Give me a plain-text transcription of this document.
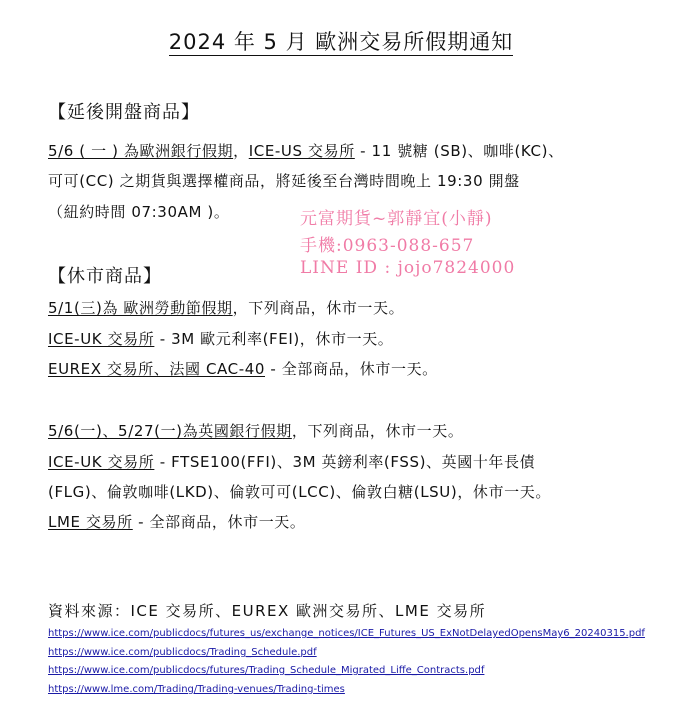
2024 年 5 月 歐洲交易所假期通知
【延後開盤商品】
5/6 ( 一 ) 為歐洲銀行假期，ICE-US 交易所 - 11 號糖 (SB)、咖啡(KC)、
可可(CC) 之期貨與選擇權商品，將延後至台灣時間晚上 19:30 開盤
（紐約時間 07:30AM )。	元富期貨~郭靜宜(小靜)
手機:0963-088-657
LINE ID : jojo7824000
【休市商品】
5/1(三)為 歐洲勞動節假期，下列商品，休市一天。
ICE-UK 交易所 - 3M 歐元利率(FEI)，休市一天。
EUREX 交易所、法國 CAC-40 - 全部商品，休市一天。
5/6(一)、5/27(一)為英國銀行假期，下列商品，休市一天。
ICE-UK 交易所 - FTSE100(FFI)、3M 英鎊利率(FSS)、英國十年長債
(FLG)、倫敦咖啡(LKD)、倫敦可可(LCC)、倫敦白糖(LSU)，休市一天。
LME 交易所 - 全部商品，休市一天。
資料來源：ICE 交易所、EUREX 歐洲交易所、LME 交易所
https://www.ice.com/publicdocs/futures_us/exchange_notices/ICE_Futures_US_ExNotDelayedOpensMay6_20240315.pdf
https://www.ice.com/publicdocs/Trading_Schedule.pdf
https://www.ice.com/publicdocs/futures/Trading_Schedule_Migrated_Liffe_Contracts.pdf
https://www.lme.com/Trading/Trading-venues/Trading-times
